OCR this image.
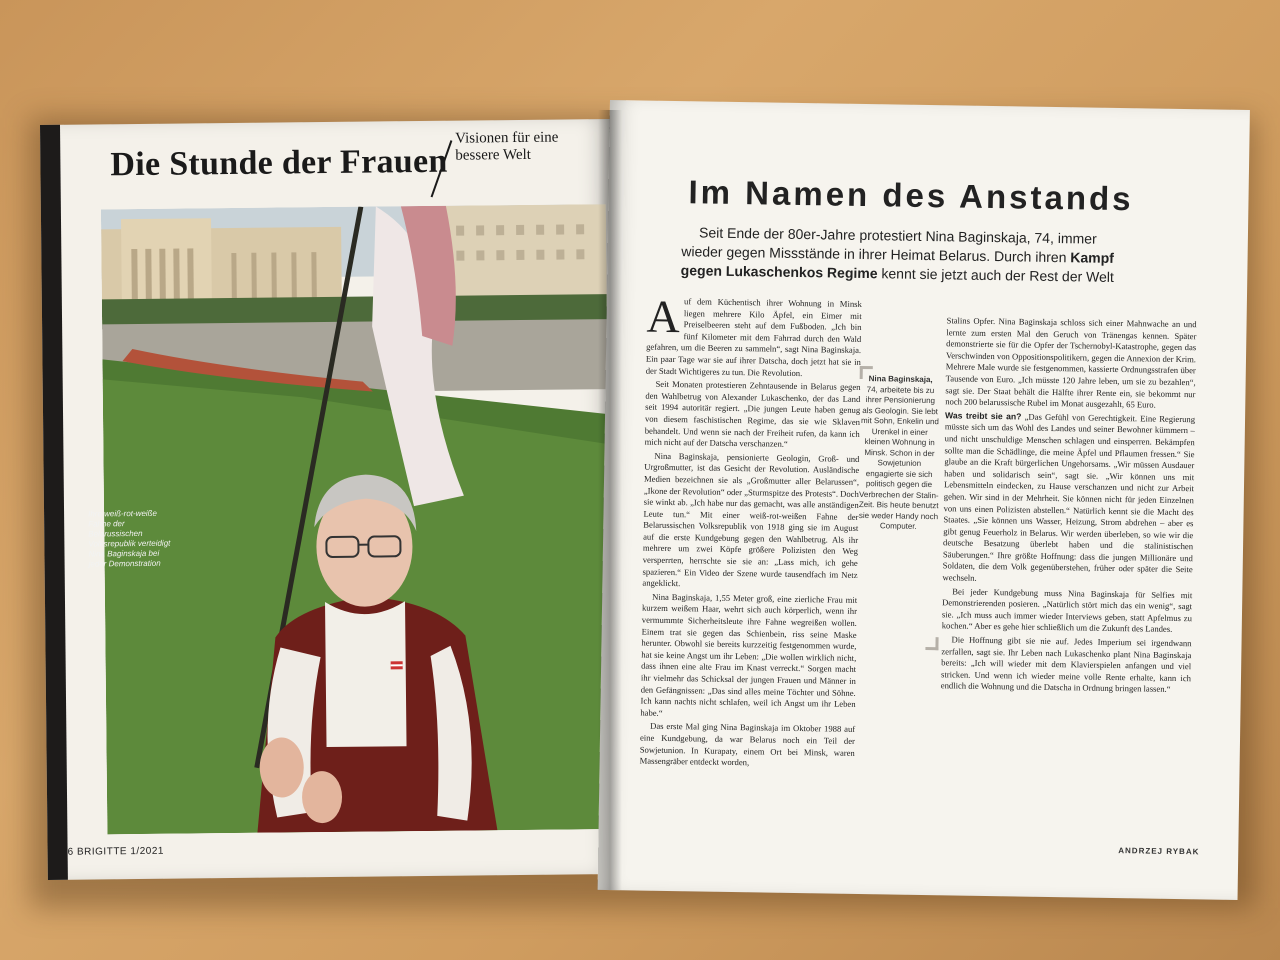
Die Stunde der Frauen
Visionen für eine bessere Welt
Ihre weiß-rot-weiße Fahne der Belarussischen Volksrepublik verteidigt Nina Baginskaja bei jeder Demonstration
6 BRIGITTE 1/2021
Im Namen des Anstands
Seit Ende der 80er-Jahre protestiert Nina Baginskaja, 74, immer wieder gegen Missstände in ihrer Heimat Belarus. Durch ihren Kampf gegen Lukaschenkos Regime kennt sie jetzt auch der Rest der Welt

Auf dem Küchentisch ihrer Wohnung in Minsk liegen mehrere Kilo Äpfel, ein Eimer mit Preiselbeeren steht auf dem Fußboden. „Ich bin fünf Kilometer mit dem Fahrrad durch den Wald gefahren, um die Beeren zu sammeln“, sagt Nina Baginskaja. Ein paar Tage war sie auf ihrer Datscha, doch jetzt hat sie in der Stadt Wichtigeres zu tun. Die Revolution.

Seit Monaten protestieren Zehntausende in Belarus gegen den Wahlbetrug von Alexander Lukaschenko, der das Land seit 1994 autoritär regiert. „Die jungen Leute haben genug von diesem faschistischen Regime, das sie wie Sklaven behandelt. Und wenn sie nach der Freiheit rufen, da kann ich mich nicht auf der Datscha verschanzen.“

Nina Baginskaja, pensionierte Geologin, Groß- und Urgroßmutter, ist das Gesicht der Revolution. Ausländische Medien bezeichnen sie als „Großmutter aller Belarussen“, „Ikone der Revolution“ oder „Sturmspitze des Protests“. Doch sie winkt ab. „Ich habe nur das gemacht, was alle anständigen Leute tun.“ Mit einer weiß-rot-weißen Fahne der Belarussischen Volksrepublik von 1918 ging sie im August auf die erste Kundgebung gegen den Wahlbetrug. Als ihr mehrere um zwei Köpfe größere Polizisten den Weg versperrten, herrschte sie sie an: „Lass mich, ich gehe spazieren.“ Ein Video der Szene wurde tausendfach im Netz angeklickt.

Nina Baginskaja, 1,55 Meter groß, eine zierliche Frau mit kurzem weißem Haar, wehrt sich auch körperlich, wenn ihr vermummte Sicherheitsleute ihre Fahne wegreißen wollen. Einem trat sie gegen das Schienbein, riss seine Maske herunter. Obwohl sie bereits kurzzeitig festgenommen wurde, hat sie keine Angst um ihr Leben: „Die wollen wirklich nicht, dass ihnen eine alte Frau im Knast verreckt.“ Sorgen macht ihr vielmehr das Schicksal der jungen Frauen und Männer in den Gefängnissen: „Das sind alles meine Töchter und Söhne. Ich kann nachts nicht schlafen, weil ich Angst um ihr Leben habe.“

Das erste Mal ging Nina Baginskaja im Oktober 1988 auf eine Kundgebung, da war Belarus noch ein Teil der Sowjetunion. In Kurapaty, einem Ort bei Minsk, waren Massengräber entdeckt worden,

Nina Baginskaja,
74, arbeitete bis zu ihrer Pensionierung als Geologin. Sie lebt mit Sohn, Enkelin und Urenkel in einer kleinen Wohnung in Minsk. Schon in der Sowjetunion engagierte sie sich politisch gegen die Verbrechen der Stalin-Zeit. Bis heute benutzt sie weder Handy noch Computer.

Stalins Opfer. Nina Baginskaja schloss sich einer Mahnwache an und lernte zum ersten Mal den Geruch von Tränengas kennen. Später demonstrierte sie für die Opfer der Tschernobyl-Katastrophe, gegen das Verschwinden von Oppositionspolitikern, gegen die Annexion der Krim. Mehrere Male wurde sie festgenommen, kassierte Ordnungsstrafen über Tausende von Euro. „Ich müsste 120 Jahre leben, um sie zu bezahlen“, sagt sie. Der Staat behält die Hälfte ihrer Rente ein, sie bekommt nur noch 200 belarussische Rubel im Monat ausgezahlt, 65 Euro.

Was treibt sie an? „Das Gefühl von Gerechtigkeit. Eine Regierung müsste sich um das Wohl des Landes und seiner Bewohner kümmern – und nicht unschuldige Menschen schlagen und einsperren. Bekämpfen sollte man die Schädlinge, die meine Äpfel und Pflaumen fressen.“ Sie glaube an die Kraft bürgerlichen Ungehorsams. „Wir müssen Ausdauer haben und solidarisch sein“, sagt sie. „Wir können uns mit Lebensmitteln eindecken, zu Hause verschanzen und nicht zur Arbeit gehen. Wir sind in der Mehrheit. Sie können nicht für jeden Einzelnen von uns einen Polizisten abstellen.“ Natürlich kennt sie die Macht des Staates. „Sie können uns Wasser, Heizung, Strom abdrehen – aber es gibt genug Feuerholz in Belarus. Wir werden überleben, so wie wir die deutsche Besatzung überlebt haben und die stalinistischen Säuberungen.“ Ihre größte Hoffnung: dass die jungen Millionäre und Soldaten, die dem Volk gegenüberstehen, früher oder später die Seite wechseln.

Bei jeder Kundgebung muss Nina Baginskaja für Selfies mit Demonstrierenden posieren. „Natürlich stört mich das ein wenig“, sagt sie. „Ich muss auch immer wieder Interviews geben, statt Apfelmus zu kochen.“ Aber es gehe hier schließlich um die Zukunft des Landes.

Die Hoffnung gibt sie nie auf. Jedes Imperium sei irgendwann zerfallen, sagt sie. Ihr Leben nach Lukaschenko plant Nina Baginskaja bereits: „Ich will wieder mit dem Klavierspielen anfangen und viel stricken. Und wenn ich wieder meine volle Rente erhalte, kann ich endlich die Wohnung und die Datscha in Ordnung bringen lassen.“

ANDRZEJ RYBAK
